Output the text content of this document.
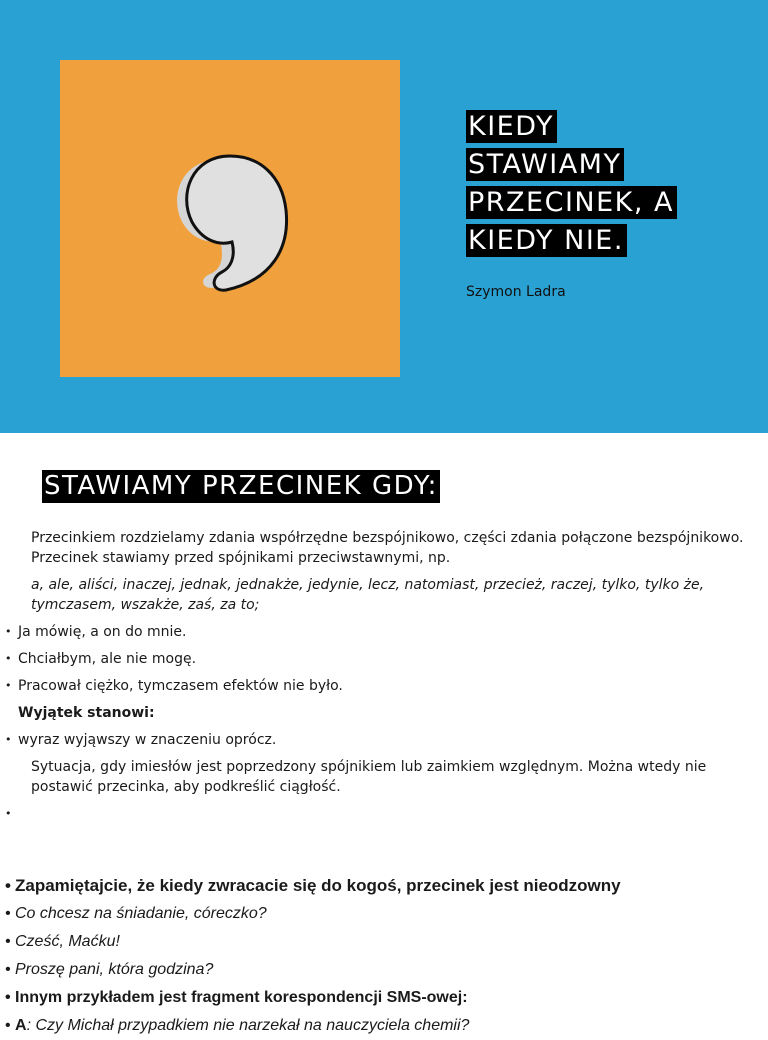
KIEDY
STAWIAMY
PRZECINEK, A
KIEDY NIE.
Szymon Ladra
STAWIAMY PRZECINEK GDY:
Przecinkiem rozdzielamy zdania współrzędne bezspójnikowo, części zdania połączone bezspójnikowo. Przecinek stawiamy przed spójnikami przeciwstawnymi, np.
a, ale, aliści, inaczej, jednak, jednakże, jedynie, lecz, natomiast, przecież, raczej, tylko, tylko że, tymczasem, wszakże, zaś, za to;
• Ja mówię, a on do mnie.
• Chciałbym, ale nie mogę.
• Pracował ciężko, tymczasem efektów nie było.
Wyjątek stanowi:
• wyraz wyjąwszy w znaczeniu oprócz.
Sytuacja, gdy imiesłów jest poprzedzony spójnikiem lub zaimkiem względnym. Można wtedy nie postawić przecinka, aby podkreślić ciągłość.
•
• Zapamiętajcie, że kiedy zwracacie się do kogoś, przecinek jest nieodzowny
• Co chcesz na śniadanie, córeczko?
• Cześć, Maćku!
• Proszę pani, która godzina?
• Innym przykładem jest fragment korespondencji SMS-owej:
• A: Czy Michał przypadkiem nie narzekał na nauczyciela chemii?
